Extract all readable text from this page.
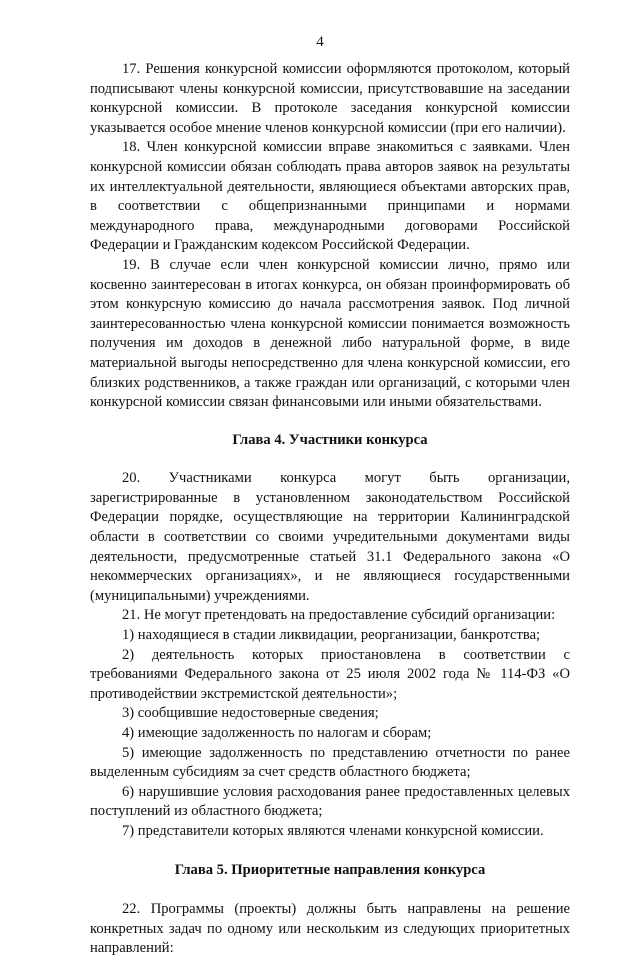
4

17. Решения конкурсной комиссии оформляются протоколом, который подписывают члены конкурсной комиссии, присутствовавшие на заседании конкурсной комиссии. В протоколе заседания конкурсной комиссии указывается особое мнение членов конкурсной комиссии (при его наличии).

18. Член конкурсной комиссии вправе знакомиться с заявками. Член конкурсной комиссии обязан соблюдать права авторов заявок на результаты их интеллектуальной деятельности, являющиеся объектами авторских прав, в соответствии с общепризнанными принципами и нормами международного права, международными договорами Российской Федерации и Гражданским кодексом Российской Федерации.

19. В случае если член конкурсной комиссии лично, прямо или косвенно заинтересован в итогах конкурса, он обязан проинформировать об этом конкурсную комиссию до начала рассмотрения заявок. Под личной заинтересованностью члена конкурсной комиссии понимается возможность получения им доходов в денежной либо натуральной форме, в виде материальной выгоды непосредственно для члена конкурсной комиссии, его близких родственников, а также граждан или организаций, с которыми член конкурсной комиссии связан финансовыми или иными обязательствами.

Глава 4. Участники конкурса

20. Участниками конкурса могут быть организации, зарегистрированные в установленном законодательством Российской Федерации порядке, осуществляющие на территории Калининградской области в соответствии со своими учредительными документами виды деятельности, предусмотренные статьей 31.1 Федерального закона «О некоммерческих организациях», и не являющиеся государственными (муниципальными) учреждениями.

21. Не могут претендовать на предоставление субсидий организации:

1) находящиеся в стадии ликвидации, реорганизации, банкротства;

2) деятельность которых приостановлена в соответствии с требованиями Федерального закона от 25 июля 2002 года № 114-ФЗ «О противодействии экстремистской деятельности»;

3) сообщившие недостоверные сведения;

4) имеющие задолженность по налогам и сборам;

5) имеющие задолженность по представлению отчетности по ранее выделенным субсидиям за счет средств областного бюджета;

6) нарушившие условия расходования ранее предоставленных целевых поступлений из областного бюджета;

7) представители которых являются членами конкурсной комиссии.

Глава 5. Приоритетные направления конкурса

22. Программы (проекты) должны быть направлены на решение конкретных задач по одному или нескольким из следующих приоритетных направлений:
